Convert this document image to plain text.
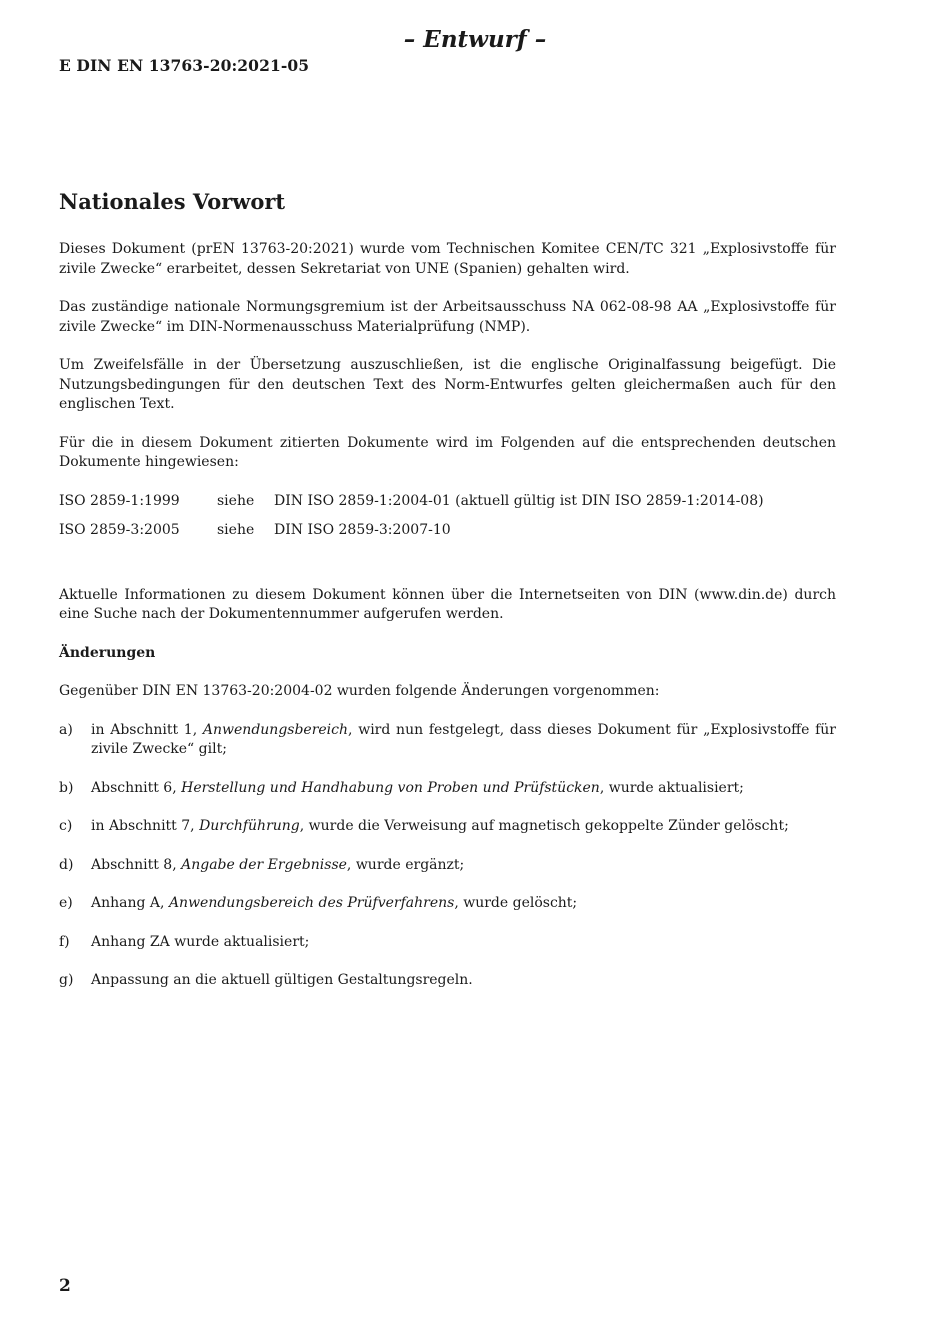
– Entwurf –
E DIN EN 13763-20:2021-05
Nationales Vorwort

Dieses Dokument (prEN 13763-20:2021) wurde vom Technischen Komitee CEN/TC 321 „Explosivstoffe für zivile Zwecke“ erarbeitet, dessen Sekretariat von UNE (Spanien) gehalten wird.

Das zuständige nationale Normungsgremium ist der Arbeitsausschuss NA 062-08-98 AA „Explosivstoffe für zivile Zwecke“ im DIN-Normenausschuss Materialprüfung (NMP).

Um Zweifelsfälle in der Übersetzung auszuschließen, ist die englische Originalfassung beigefügt. Die Nutzungsbedingungen für den deutschen Text des Norm-Entwurfes gelten gleichermaßen auch für den englischen Text.

Für die in diesem Dokument zitierten Dokumente wird im Folgenden auf die entsprechenden deutschen Dokumente hingewiesen:

ISO 2859-1:1999	siehe	DIN ISO 2859-1:2004-01 (aktuell gültig ist DIN ISO 2859-1:2014-08)
ISO 2859-3:2005	siehe	DIN ISO 2859-3:2007-10

Aktuelle Informationen zu diesem Dokument können über die Internetseiten von DIN (www.din.de) durch eine Suche nach der Dokumentennummer aufgerufen werden.

Änderungen

Gegenüber DIN EN 13763-20:2004-02 wurden folgende Änderungen vorgenommen:

a)	in Abschnitt 1, Anwendungsbereich, wird nun festgelegt, dass dieses Dokument für „Explosivstoffe für zivile Zwecke“ gilt;
b)	Abschnitt 6, Herstellung und Handhabung von Proben und Prüfstücken, wurde aktualisiert;
c)	in Abschnitt 7, Durchführung, wurde die Verweisung auf magnetisch gekoppelte Zünder gelöscht;
d)	Abschnitt 8, Angabe der Ergebnisse, wurde ergänzt;
e)	Anhang A, Anwendungsbereich des Prüfverfahrens, wurde gelöscht;
f)	Anhang ZA wurde aktualisiert;
g)	Anpassung an die aktuell gültigen Gestaltungsregeln.
2
